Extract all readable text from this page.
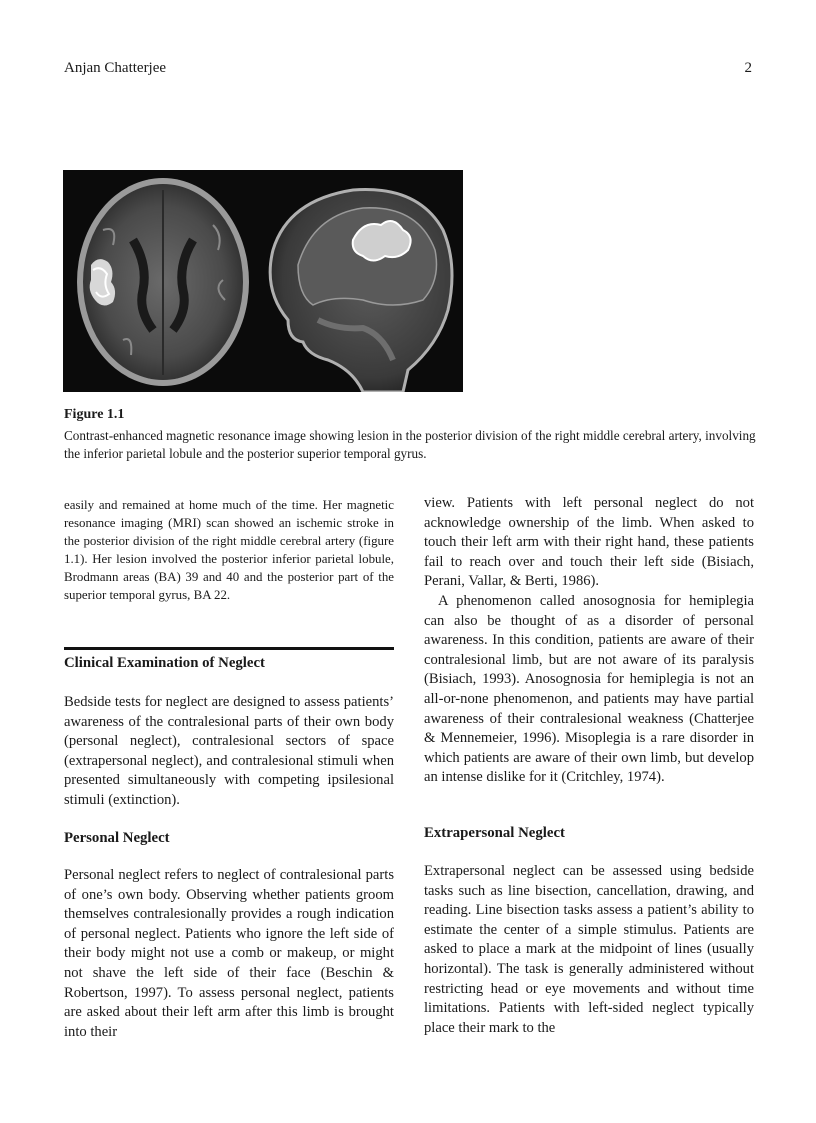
Anjan Chatterjee	2
Figure 1.1
Contrast-enhanced magnetic resonance image showing lesion in the posterior division of the right middle cerebral artery, involving the inferior parietal lobule and the posterior superior temporal gyrus.

easily and remained at home much of the time. Her magnetic resonance imaging (MRI) scan showed an ischemic stroke in the posterior division of the right middle cerebral artery (figure 1.1). Her lesion involved the posterior inferior parietal lobule, Brodmann areas (BA) 39 and 40 and the posterior part of the superior temporal gyrus, BA 22.

Clinical Examination of Neglect

Bedside tests for neglect are designed to assess patients’ awareness of the contralesional parts of their own body (personal neglect), contralesional sectors of space (extrapersonal neglect), and contralesional stimuli when presented simultaneously with competing ipsilesional stimuli (extinction).

Personal Neglect

Personal neglect refers to neglect of contralesional parts of one’s own body. Observing whether patients groom themselves contralesionally provides a rough indication of personal neglect. Patients who ignore the left side of their body might not use a comb or makeup, or might not shave the left side of their face (Beschin & Robertson, 1997). To assess personal neglect, patients are asked about their left arm after this limb is brought into their

view. Patients with left personal neglect do not acknowledge ownership of the limb. When asked to touch their left arm with their right hand, these patients fail to reach over and touch their left side (Bisiach, Perani, Vallar, & Berti, 1986).

A phenomenon called anosognosia for hemiplegia can also be thought of as a disorder of personal awareness. In this condition, patients are aware of their contralesional limb, but are not aware of its paralysis (Bisiach, 1993). Anosognosia for hemiplegia is not an all-or-none phenomenon, and patients may have partial awareness of their contralesional weakness (Chatterjee & Mennemeier, 1996). Misoplegia is a rare disorder in which patients are aware of their own limb, but develop an intense dislike for it (Critchley, 1974).

Extrapersonal Neglect

Extrapersonal neglect can be assessed using bedside tasks such as line bisection, cancellation, drawing, and reading. Line bisection tasks assess a patient’s ability to estimate the center of a simple stimulus. Patients are asked to place a mark at the midpoint of lines (usually horizontal). The task is generally administered without restricting head or eye movements and without time limitations. Patients with left-sided neglect typically place their mark to the
